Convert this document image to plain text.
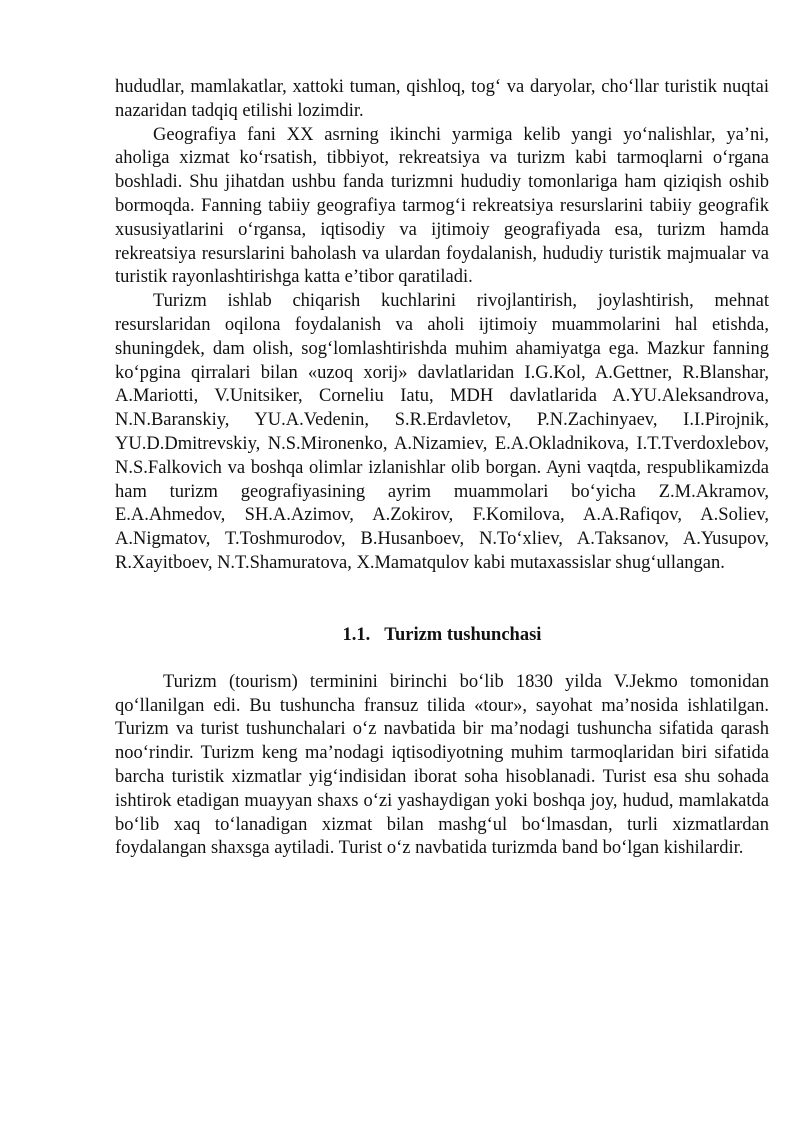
hududlar, mamlakatlar, xattoki tuman, qishloq, tog‘ va daryolar, cho‘llar turistik nuqtai nazaridan tadqiq etilishi lozimdir.

Geografiya fani XX asrning ikinchi yarmiga kelib yangi yo‘nalishlar, ya’ni, aholiga xizmat ko‘rsatish, tibbiyot, rekreatsiya va turizm kabi tarmoqlarni o‘rgana boshladi. Shu jihatdan ushbu fanda turizmni hududiy tomonlariga ham qiziqish oshib bormoqda. Fanning tabiiy geografiya tarmog‘i rekreatsiya resurslarini tabiiy geografik xususiyatlarini o‘rgansa, iqtisodiy va ijtimoiy geografiyada esa, turizm hamda rekreatsiya resurslarini baholash va ulardan foydalanish, hududiy turistik majmualar va turistik rayonlashtirishga katta e’tibor qaratiladi.

Turizm ishlab chiqarish kuchlarini rivojlantirish, joylashtirish, mehnat resurslaridan oqilona foydalanish va aholi ijtimoiy muammolarini hal etishda, shuningdek, dam olish, sog‘lomlashtirishda muhim ahamiyatga ega. Mazkur fanning ko‘pgina qirralari bilan «uzoq xorij» davlatlaridan I.G.Kol, A.Gettner, R.Blanshar, A.Mariotti, V.Unitsiker, Corneliu Iatu, MDH davlatlarida A.YU.Aleksandrova, N.N.Baranskiy, YU.A.Vedenin, S.R.Erdavletov, P.N.Zachinyaev, I.I.Pirojnik, YU.D.Dmitrevskiy, N.S.Mironenko, A.Nizamiev, E.A.Okladnikova, I.T.Tverdoxlebov, N.S.Falkovich va boshqa olimlar izlanishlar olib borgan. Ayni vaqtda, respublikamizda ham turizm geografiyasining ayrim muammolari bo‘yicha Z.M.Akramov, E.A.Ahmedov, SH.A.Azimov, A.Zokirov, F.Komilova, A.A.Rafiqov, A.Soliev, A.Nigmatov, T.Toshmurodov, B.Husanboev, N.To‘xliev, A.Taksanov, A.Yusupov, R.Xayitboev, N.T.Shamuratova, X.Mamatqulov kabi mutaxassislar shug‘ullangan.

1.1. Turizm tushunchasi

Turizm (tourism) terminini birinchi bo‘lib 1830 yilda V.Jekmo tomonidan qo‘llanilgan edi. Bu tushuncha fransuz tilida «tour», sayohat ma’nosida ishlatilgan. Turizm va turist tushunchalari o‘z navbatida bir ma’nodagi tushuncha sifatida qarash noo‘rindir. Turizm keng ma’nodagi iqtisodiyotning muhim tarmoqlaridan biri sifatida barcha turistik xizmatlar yig‘indisidan iborat soha hisoblanadi. Turist esa shu sohada ishtirok etadigan muayyan shaxs o‘zi yashaydigan yoki boshqa joy, hudud, mamlakatda bo‘lib xaq to‘lanadigan xizmat bilan mashg‘ul bo‘lmasdan, turli xizmatlardan foydalangan shaxsga aytiladi. Turist o‘z navbatida turizmda band bo‘lgan kishilardir.
